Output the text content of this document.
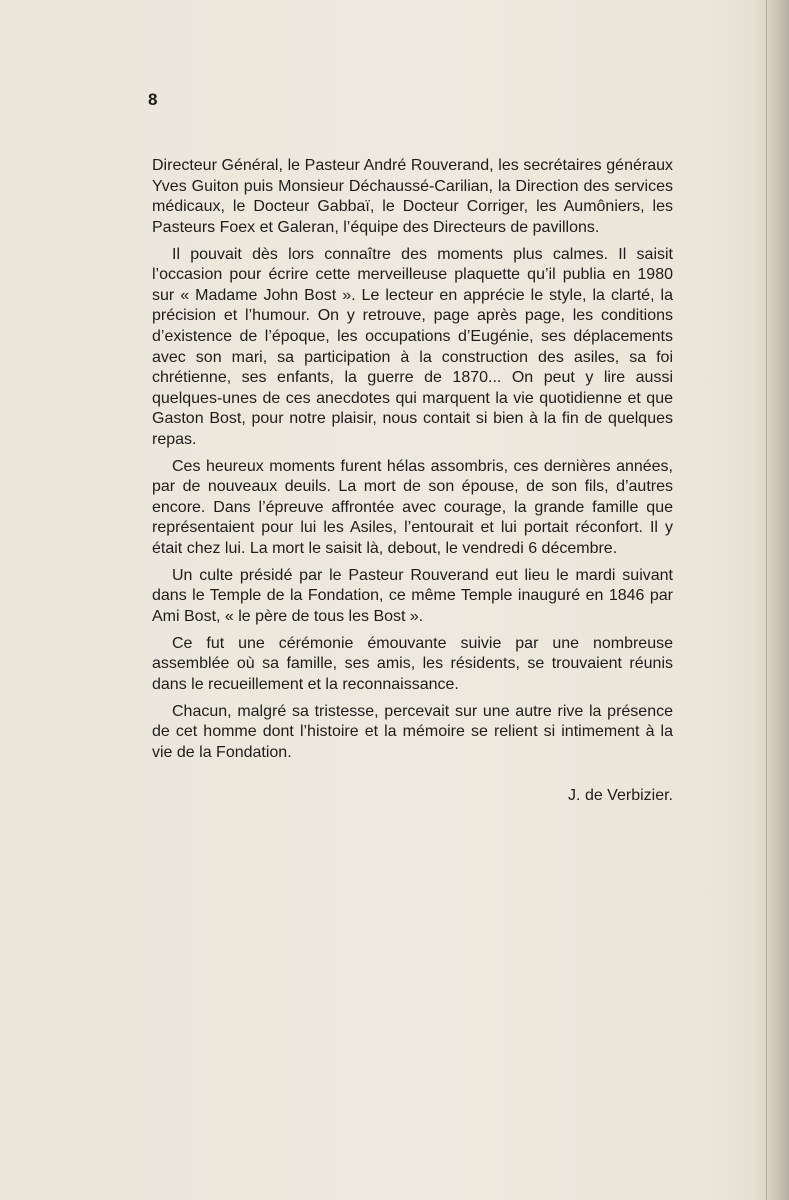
8

Directeur Général, le Pasteur André Rouverand, les secrétaires généraux Yves Guiton puis Monsieur Déchaussé-Carilian, la Direction des services médicaux, le Docteur Gabbaï, le Docteur Corriger, les Aumôniers, les Pasteurs Foex et Galeran, l’équipe des Directeurs de pavillons.

Il pouvait dès lors connaître des moments plus calmes. Il saisit l’occasion pour écrire cette merveilleuse plaquette qu’il publia en 1980 sur « Madame John Bost ». Le lecteur en apprécie le style, la clarté, la précision et l’humour. On y retrouve, page après page, les conditions d’existence de l’époque, les occupations d’Eugénie, ses déplacements avec son mari, sa participation à la construction des asiles, sa foi chrétienne, ses enfants, la guerre de 1870... On peut y lire aussi quelques-unes de ces anecdotes qui marquent la vie quotidienne et que Gaston Bost, pour notre plaisir, nous contait si bien à la fin de quelques repas.

Ces heureux moments furent hélas assombris, ces dernières années, par de nouveaux deuils. La mort de son épouse, de son fils, d’autres encore. Dans l’épreuve affrontée avec courage, la grande famille que représentaient pour lui les Asiles, l’entourait et lui portait réconfort. Il y était chez lui. La mort le saisit là, debout, le vendredi 6 décembre.

Un culte présidé par le Pasteur Rouverand eut lieu le mardi suivant dans le Temple de la Fondation, ce même Temple inauguré en 1846 par Ami Bost, « le père de tous les Bost ».

Ce fut une cérémonie émouvante suivie par une nombreuse assemblée où sa famille, ses amis, les résidents, se trouvaient réunis dans le recueillement et la reconnaissance.

Chacun, malgré sa tristesse, percevait sur une autre rive la présence de cet homme dont l’histoire et la mémoire se relient si intimement à la vie de la Fondation.

J. de Verbizier.
